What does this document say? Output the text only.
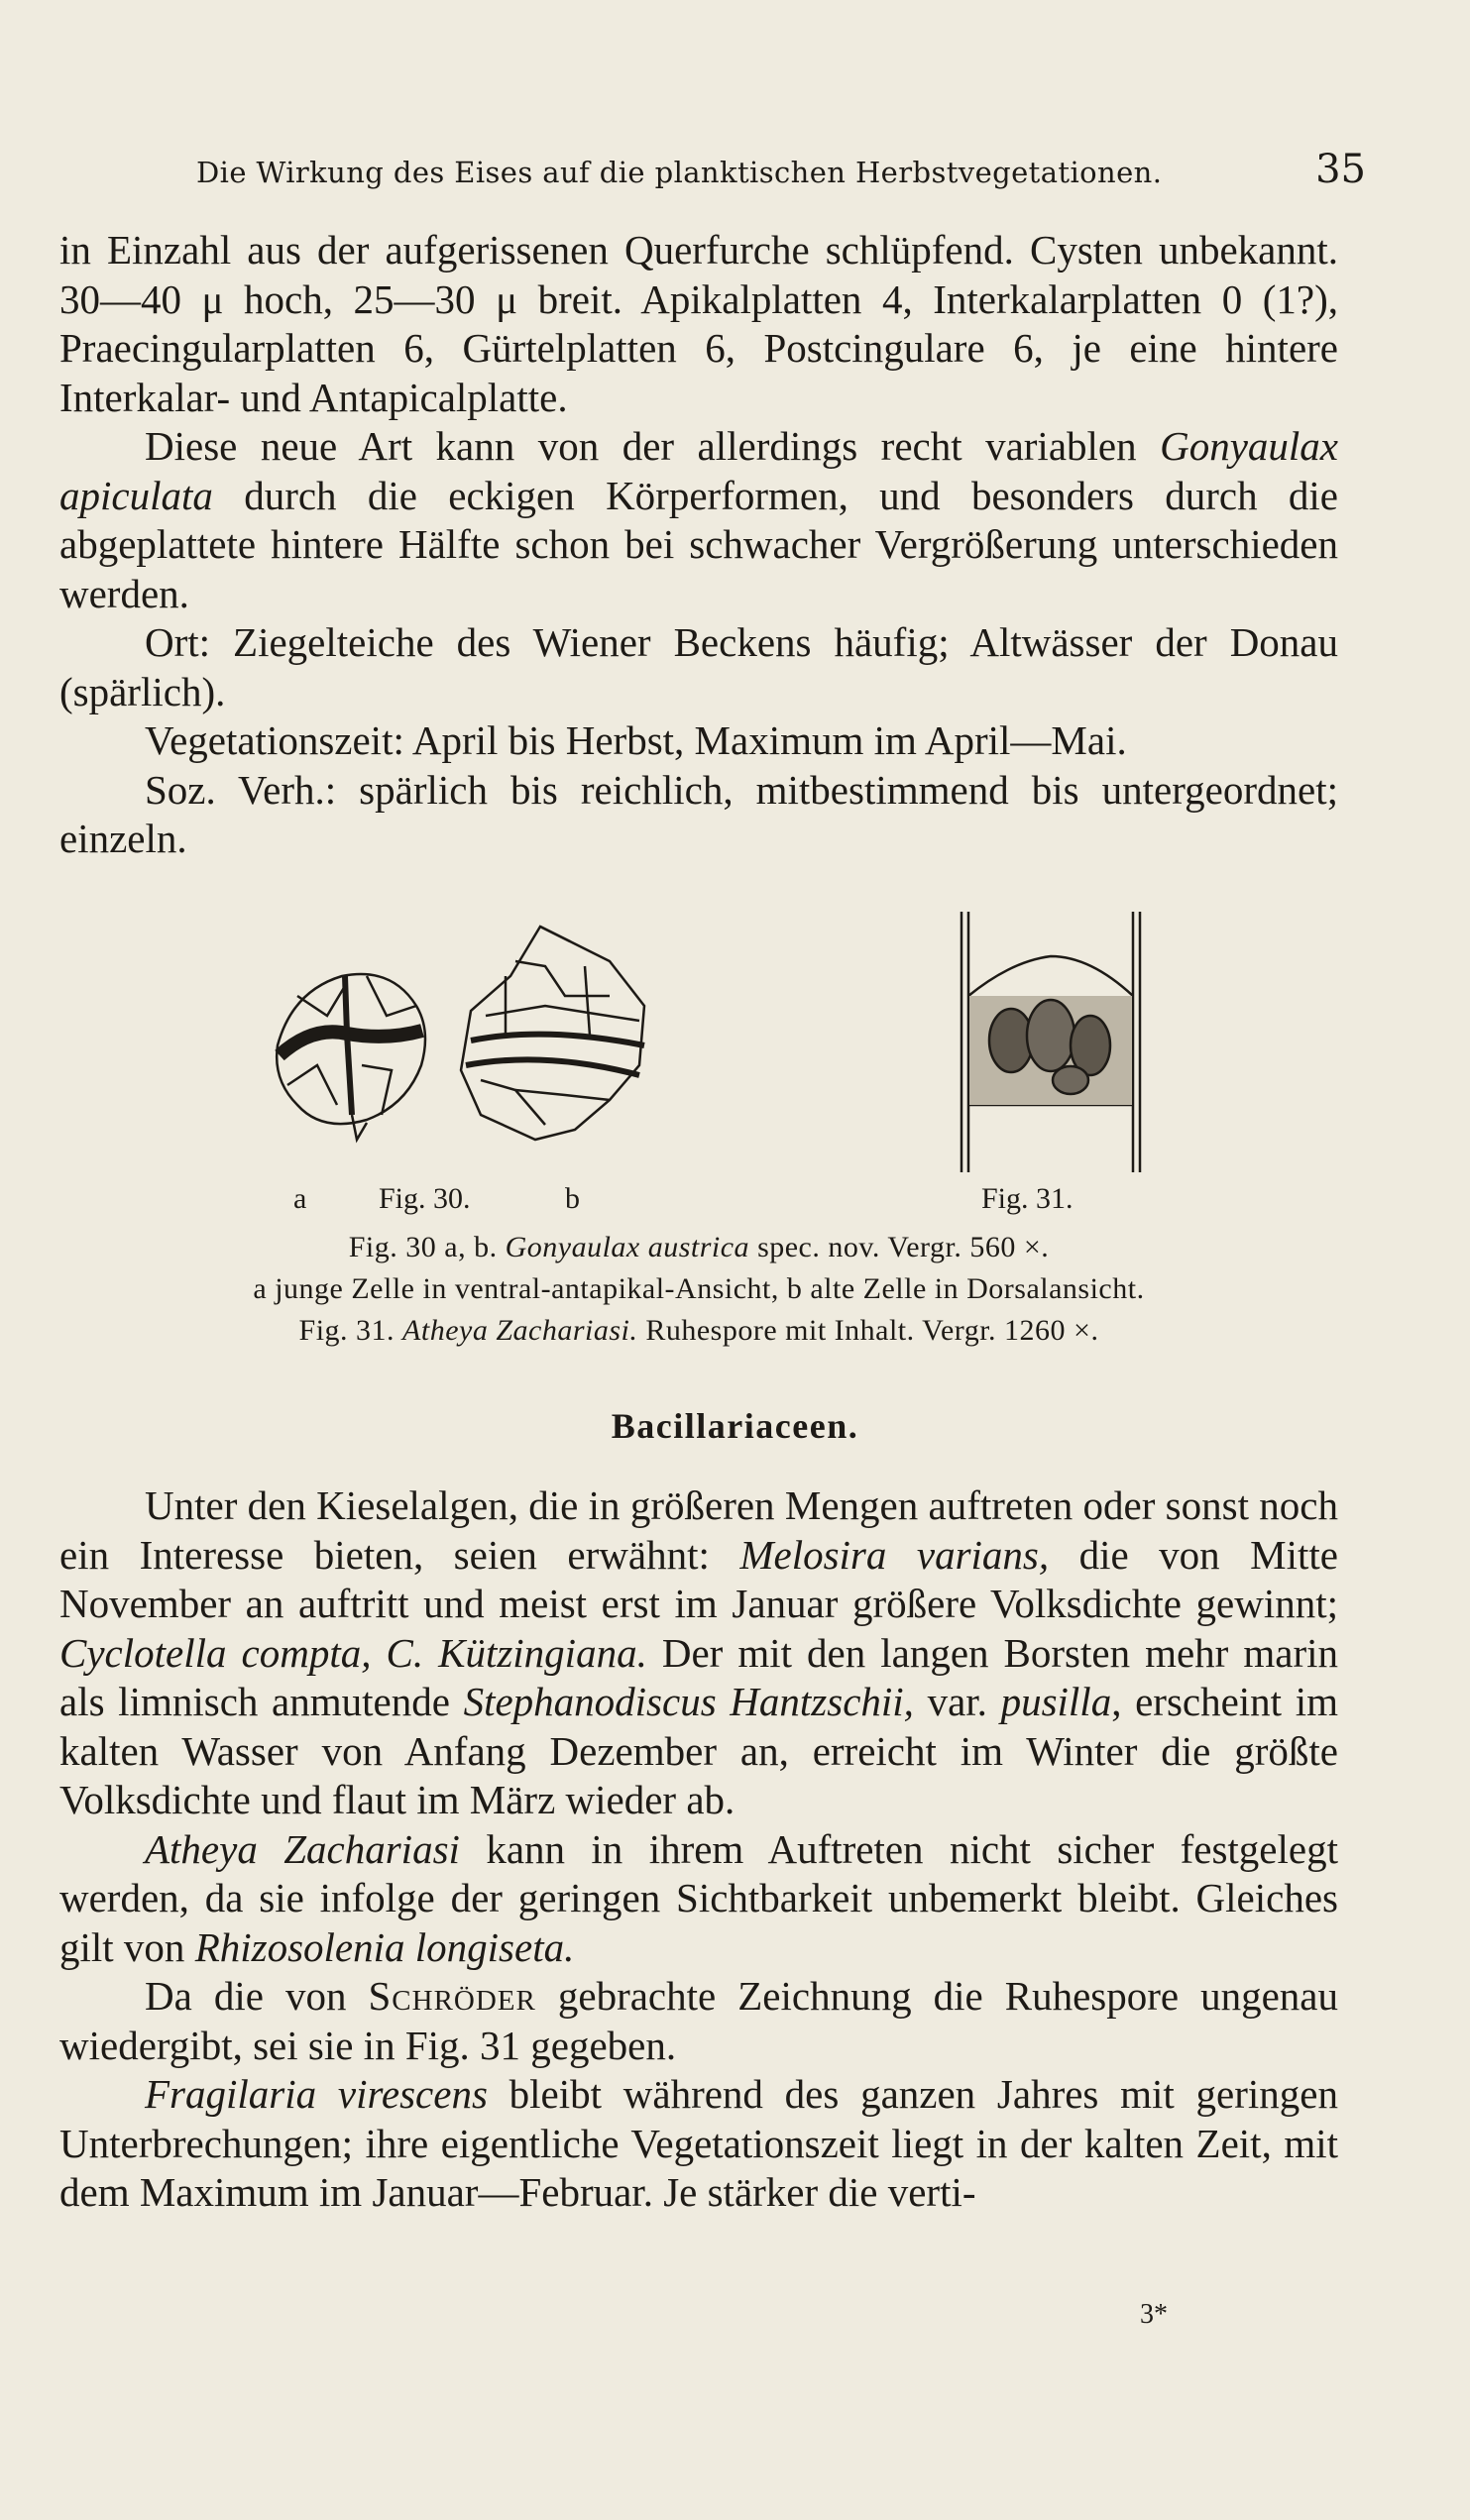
Die Wirkung des Eises auf die planktischen Herbstvegetationen.	35

in Einzahl aus der aufgerissenen Querfurche schlüpfend. Cysten unbekannt. 30—40 μ hoch, 25—30 μ breit. Apikalplatten 4, Interkalarplatten 0 (1?), Praecingularplatten 6, Gürtelplatten 6, Postcingulare 6, je eine hintere Interkalar- und Antapicalplatte.

Diese neue Art kann von der allerdings recht variablen Gonyaulax apiculata durch die eckigen Körperformen, und besonders durch die abgeplattete hintere Hälfte schon bei schwacher Vergrößerung unterschieden werden.

Ort: Ziegelteiche des Wiener Beckens häufig; Altwässer der Donau (spärlich).

Vegetationszeit: April bis Herbst, Maximum im April—Mai.

Soz. Verh.: spärlich bis reichlich, mitbestimmend bis untergeordnet; einzeln.

a Fig. 30.	b	Fig. 31.
Fig. 30 a, b. Gonyaulax austrica spec. nov. Vergr. 560 ×.
a junge Zelle in ventral-antapikal-Ansicht, b alte Zelle in Dorsalansicht.
Fig. 31. Atheya Zachariasi. Ruhespore mit Inhalt. Vergr. 1260 ×.
Bacillariaceen.

Unter den Kieselalgen, die in größeren Mengen auftreten oder sonst noch ein Interesse bieten, seien erwähnt: Melosira varians, die von Mitte November an auftritt und meist erst im Januar größere Volksdichte gewinnt; Cyclotella compta, C. Kützingiana. Der mit den langen Borsten mehr marin als limnisch anmutende Stephanodiscus Hantzschii, var. pusilla, erscheint im kalten Wasser von Anfang Dezember an, erreicht im Winter die größte Volksdichte und flaut im März wieder ab.

Atheya Zachariasi kann in ihrem Auftreten nicht sicher festgelegt werden, da sie infolge der geringen Sichtbarkeit unbemerkt bleibt. Gleiches gilt von Rhizosolenia longiseta.

Da die von Schröder gebrachte Zeichnung die Ruhespore ungenau wiedergibt, sei sie in Fig. 31 gegeben.

Fragilaria virescens bleibt während des ganzen Jahres mit geringen Unterbrechungen; ihre eigentliche Vegetationszeit liegt in der kalten Zeit, mit dem Maximum im Januar—Februar. Je stärker die verti-

3*
